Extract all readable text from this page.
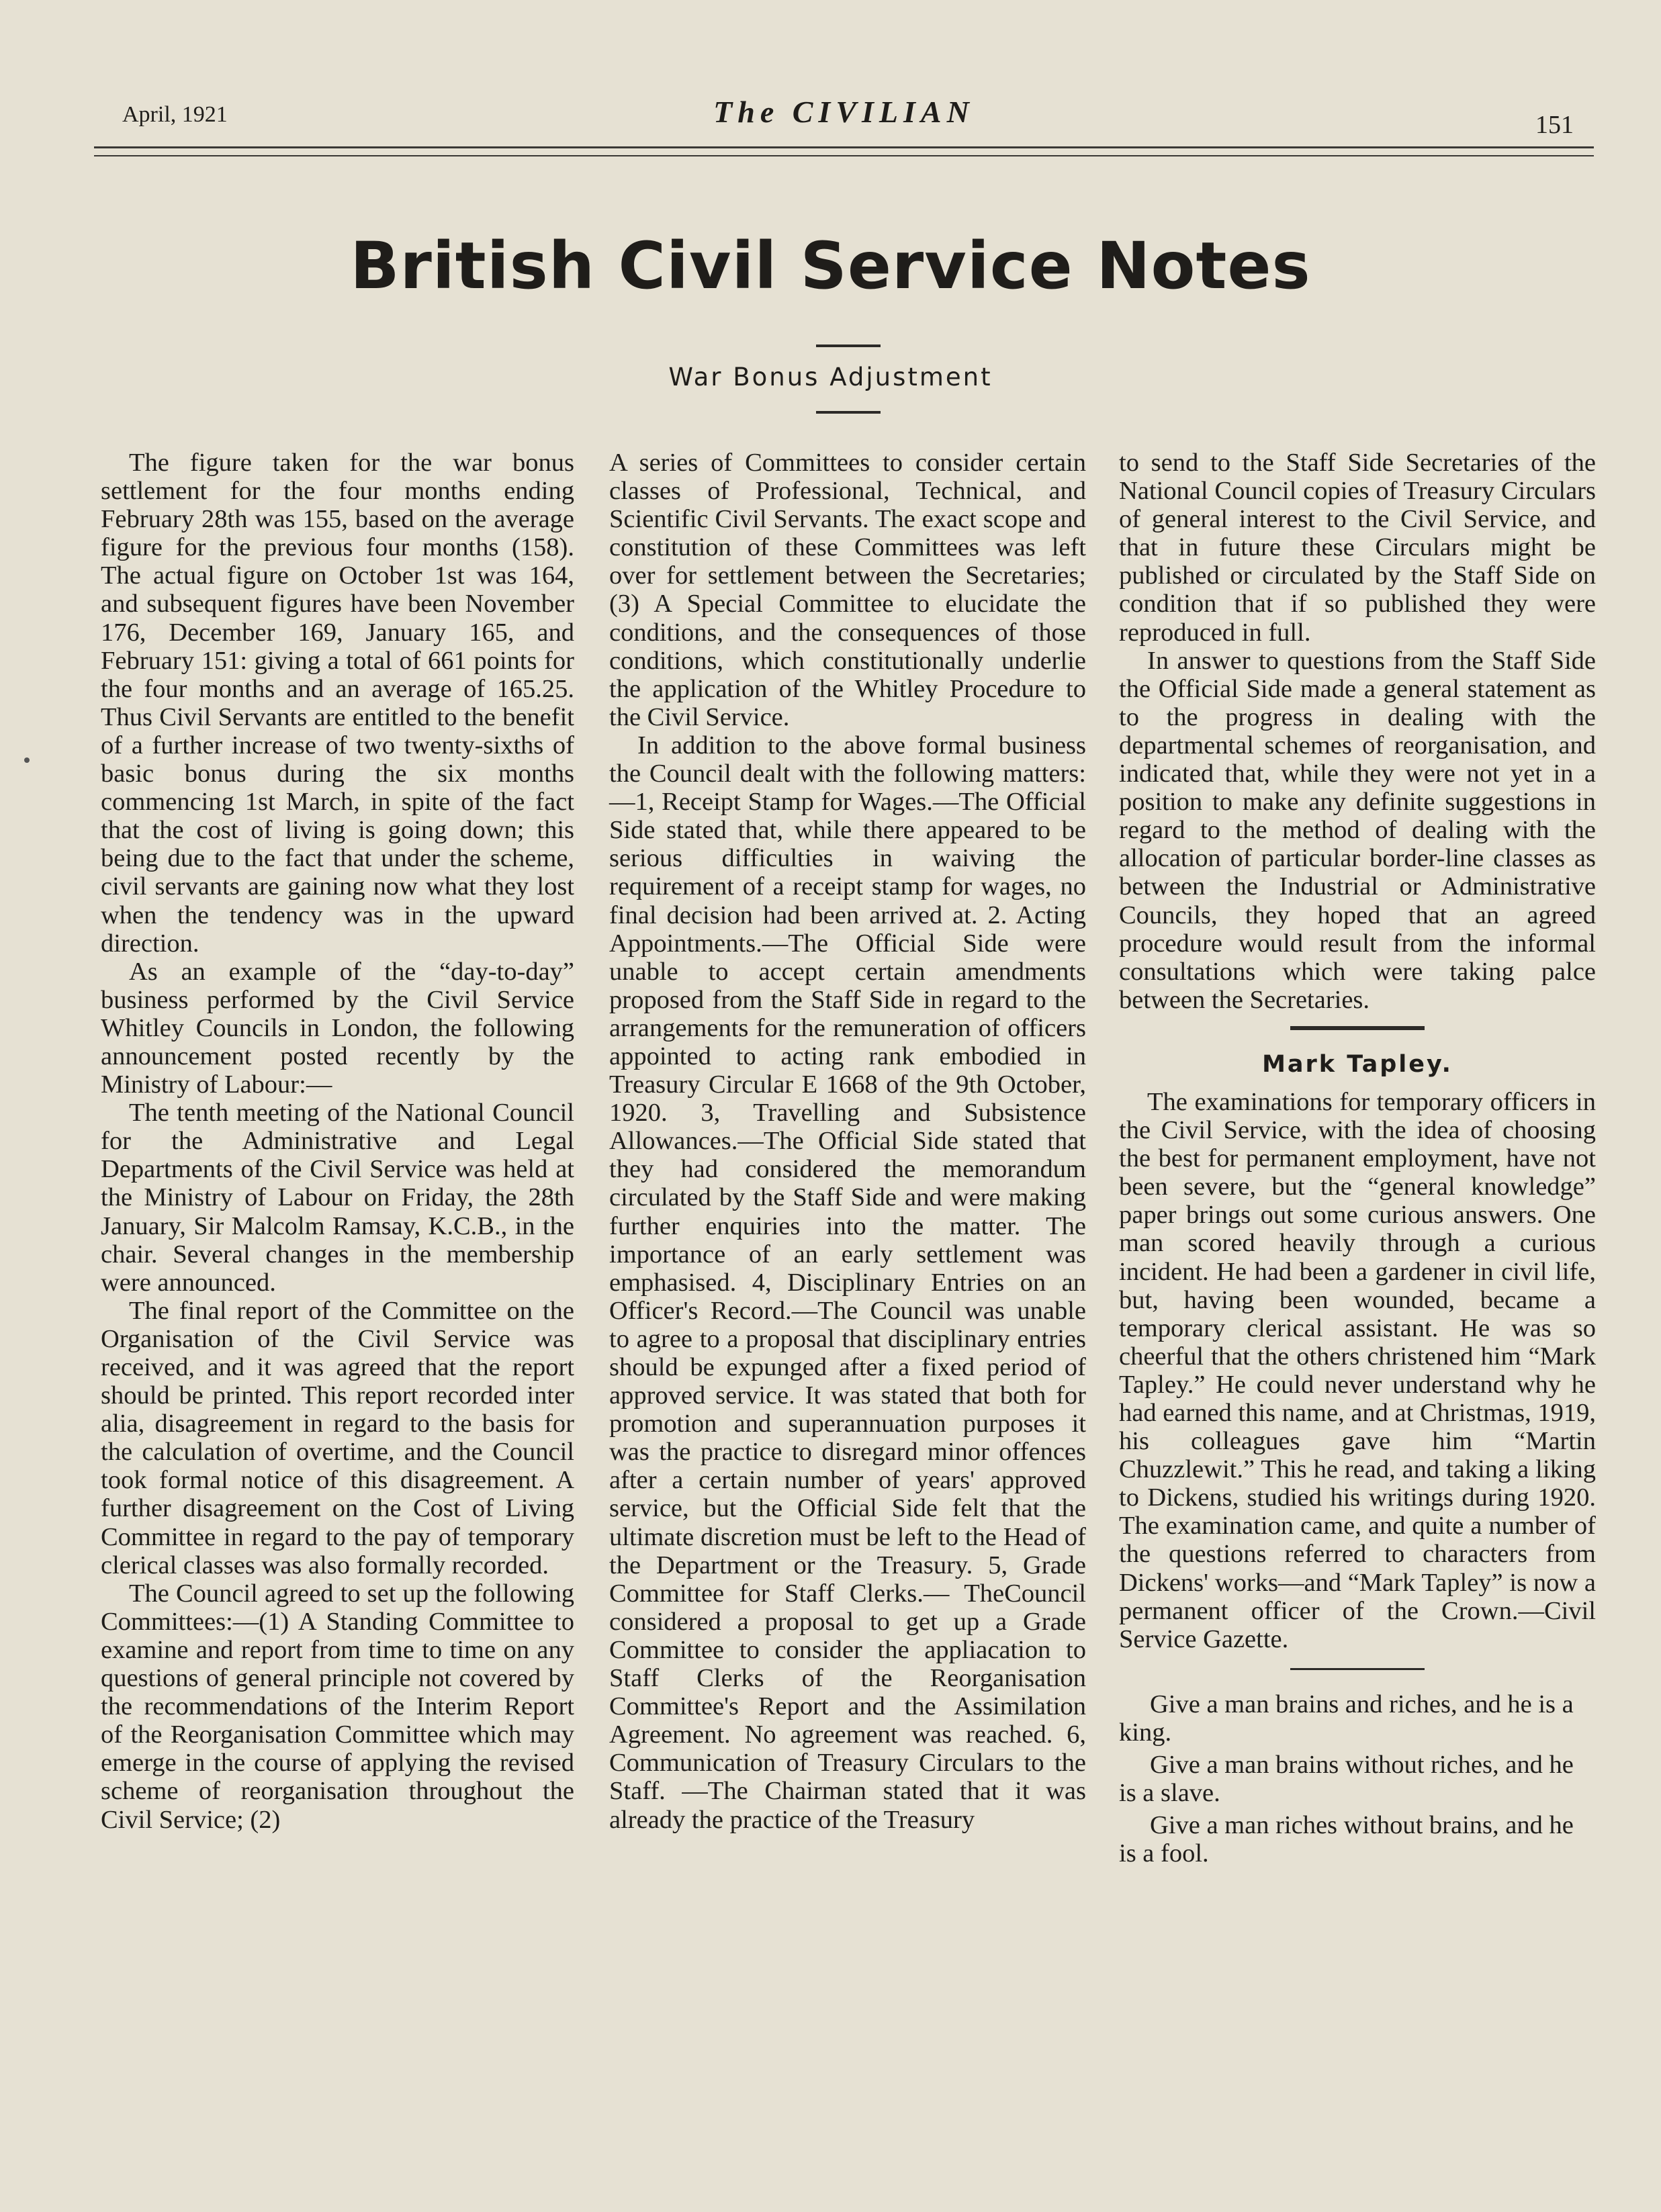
April, 1921	The CIVILIAN	151
British Civil Service Notes
War Bonus Adjustment

The figure taken for the war bonus settlement for the four months ending February 28th was 155, based on the average figure for the previous four months (158). The actual figure on October 1st was 164, and subsequent figures have been November 176, December 169, January 165, and February 151: giving a total of 661 points for the four months and an average of 165.25. Thus Civil Servants are entitled to the benefit of a further increase of two twenty-sixths of basic bonus during the six months commencing 1st March, in spite of the fact that the cost of living is going down; this being due to the fact that under the scheme, civil servants are gaining now what they lost when the tendency was in the upward direction.

As an example of the “day-to-day” business performed by the Civil Service Whitley Councils in London, the following announcement posted recently by the Ministry of Labour:—

The tenth meeting of the National Council for the Administrative and Legal Departments of the Civil Service was held at the Ministry of Labour on Friday, the 28th January, Sir Malcolm Ramsay, K.C.B., in the chair. Several changes in the membership were announced.

The final report of the Committee on the Organisation of the Civil Service was received, and it was agreed that the report should be printed. This report recorded inter alia, disagreement in regard to the basis for the calculation of overtime, and the Council took formal notice of this disagreement. A further disagreement on the Cost of Living Committee in regard to the pay of temporary clerical classes was also formally recorded.

The Council agreed to set up the following Committees:—(1) A Standing Committee to examine and report from time to time on any questions of general principle not covered by the recommendations of the Interim Report of the Reorganisation Committee which may emerge in the course of applying the revised scheme of reorganisation throughout the Civil Service; (2)

A series of Committees to consider certain classes of Professional, Technical, and Scientific Civil Servants. The exact scope and constitution of these Committees was left over for settlement between the Secretaries; (3) A Special Committee to elucidate the conditions, and the consequences of those conditions, which constitutionally underlie the application of the Whitley Procedure to the Civil Service.

In addition to the above formal business the Council dealt with the following matters:—1, Receipt Stamp for Wages.—The Official Side stated that, while there appeared to be serious difficulties in waiving the requirement of a receipt stamp for wages, no final decision had been arrived at. 2. Acting Appointments.—The Official Side were unable to accept certain amendments proposed from the Staff Side in regard to the arrangements for the remuneration of officers appointed to acting rank embodied in Treasury Circular E 1668 of the 9th October, 1920. 3, Travelling and Subsistence Allowances.—The Official Side stated that they had considered the memorandum circulated by the Staff Side and were making further enquiries into the matter. The importance of an early settlement was emphasised. 4, Disciplinary Entries on an Officer's Record.—The Council was unable to agree to a proposal that disciplinary entries should be expunged after a fixed period of approved service. It was stated that both for promotion and superannuation purposes it was the practice to disregard minor offences after a certain number of years' approved service, but the Official Side felt that the ultimate discretion must be left to the Head of the Department or the Treasury. 5, Grade Committee for Staff Clerks.— TheCouncil considered a proposal to get up a Grade Committee to consider the appliacation to Staff Clerks of the Reorganisation Committee's Report and the Assimilation Agreement. No agreement was reached. 6, Communication of Treasury Circulars to the Staff. —The Chairman stated that it was already the practice of the Treasury

to send to the Staff Side Secretaries of the National Council copies of Treasury Circulars of general interest to the Civil Service, and that in future these Circulars might be published or circulated by the Staff Side on condition that if so published they were reproduced in full.

In answer to questions from the Staff Side the Official Side made a general statement as to the progress in dealing with the departmental schemes of reorganisation, and indicated that, while they were not yet in a position to make any definite suggestions in regard to the method of dealing with the allocation of particular border-line classes as between the Industrial or Administrative Councils, they hoped that an agreed procedure would result from the informal consultations which were taking palce between the Secretaries.

Mark Tapley.

The examinations for temporary officers in the Civil Service, with the idea of choosing the best for permanent employment, have not been severe, but the “general knowledge” paper brings out some curious answers. One man scored heavily through a curious incident. He had been a gardener in civil life, but, having been wounded, became a temporary clerical assistant. He was so cheerful that the others christened him “Mark Tapley.” He could never understand why he had earned this name, and at Christmas, 1919, his colleagues gave him “Martin Chuzzlewit.” This he read, and taking a liking to Dickens, studied his writings during 1920. The examination came, and quite a number of the questions referred to characters from Dickens' works—and “Mark Tapley” is now a permanent officer of the Crown.—Civil Service Gazette.

Give a man brains and riches, and he is a king.

Give a man brains without riches, and he is a slave.

Give a man riches without brains, and he is a fool.
